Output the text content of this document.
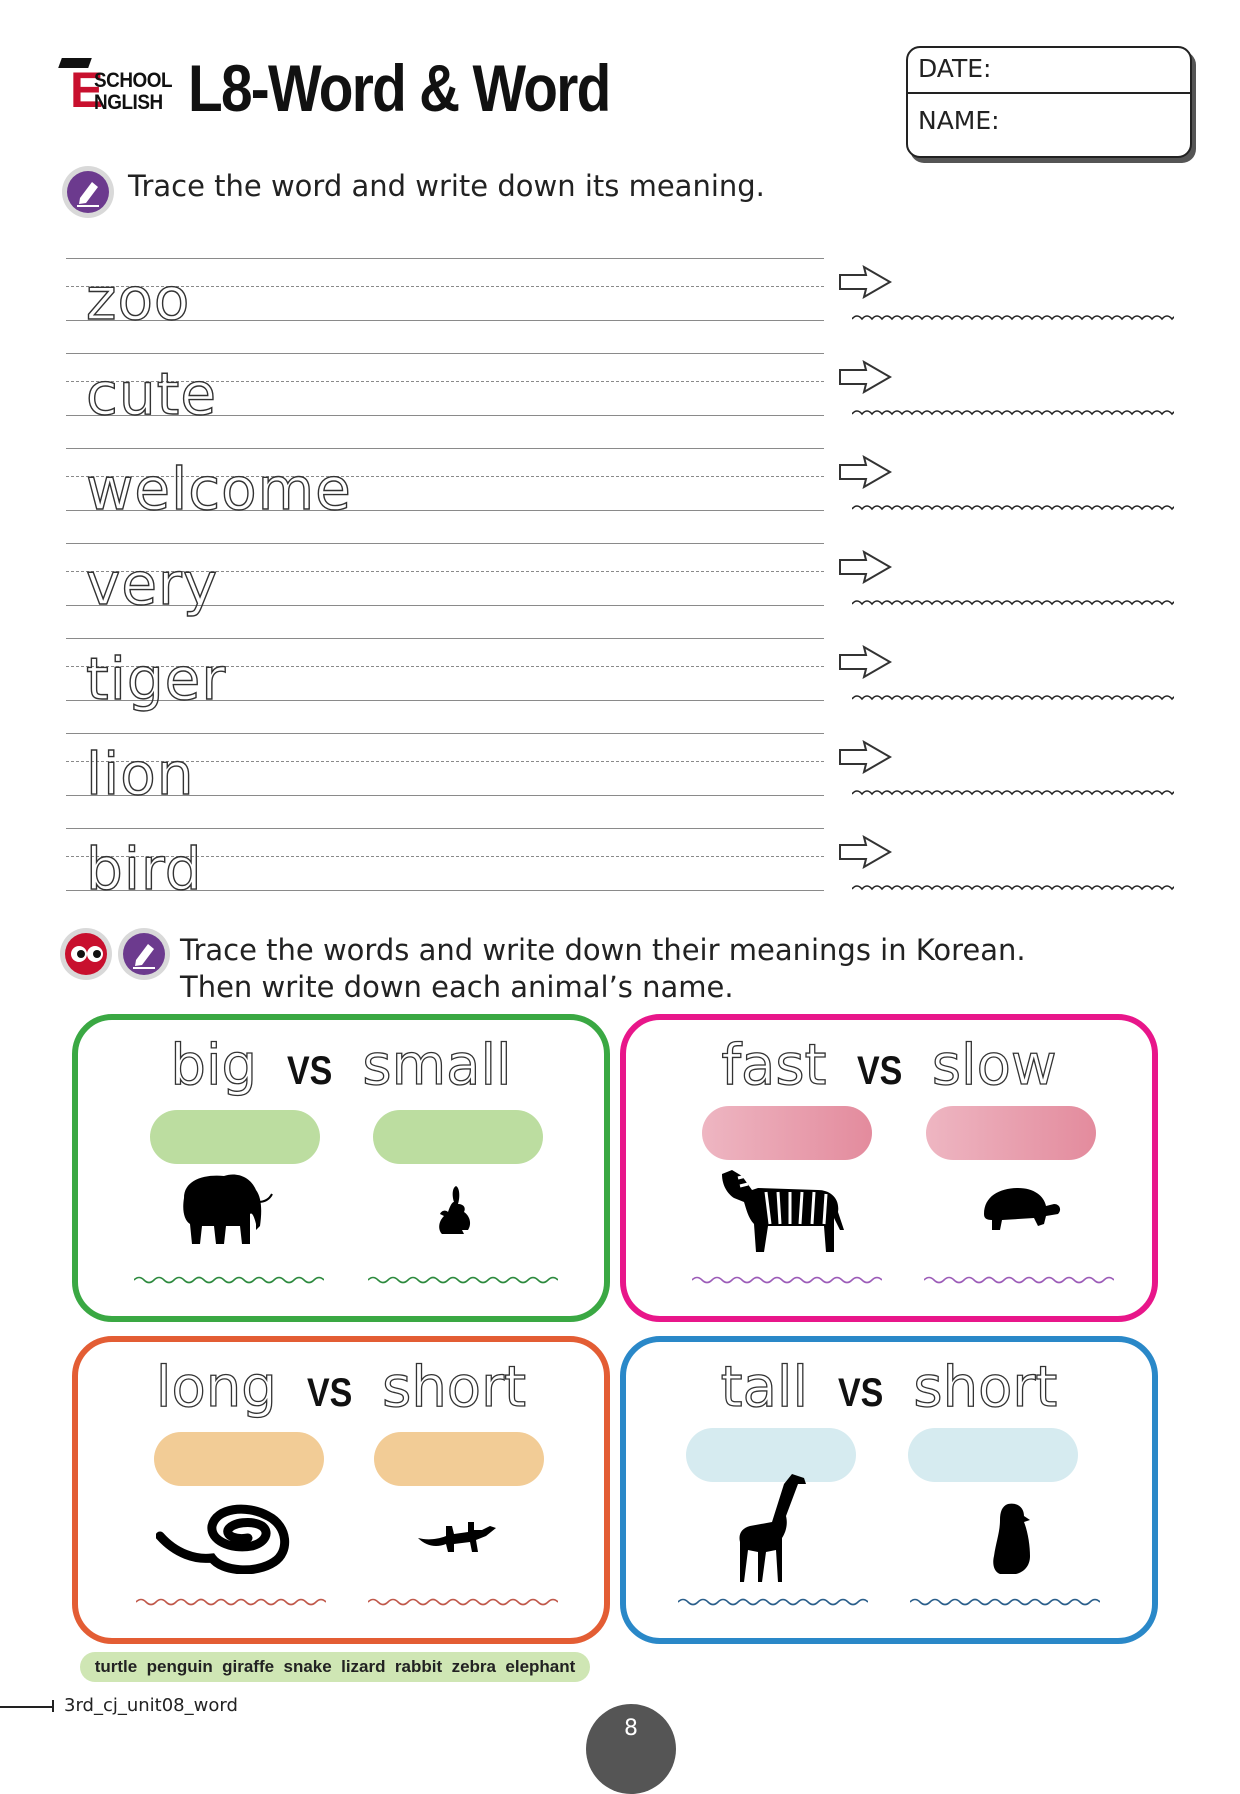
E
SCHOOL
NGLISH L8-Word & Word	DATE:
NAME:
Trace the word and write down its meaning.
zoo
cute
welcome
very
tiger
lion
bird
Trace the words and write down their meanings in Korean.
Then write down each animal’s name.
big VS small	fast VS slow
long VS short	tall VS short
turtle penguin giraffe snake lizard rabbit zebra elephant
3rd_cj_unit08_word
8
